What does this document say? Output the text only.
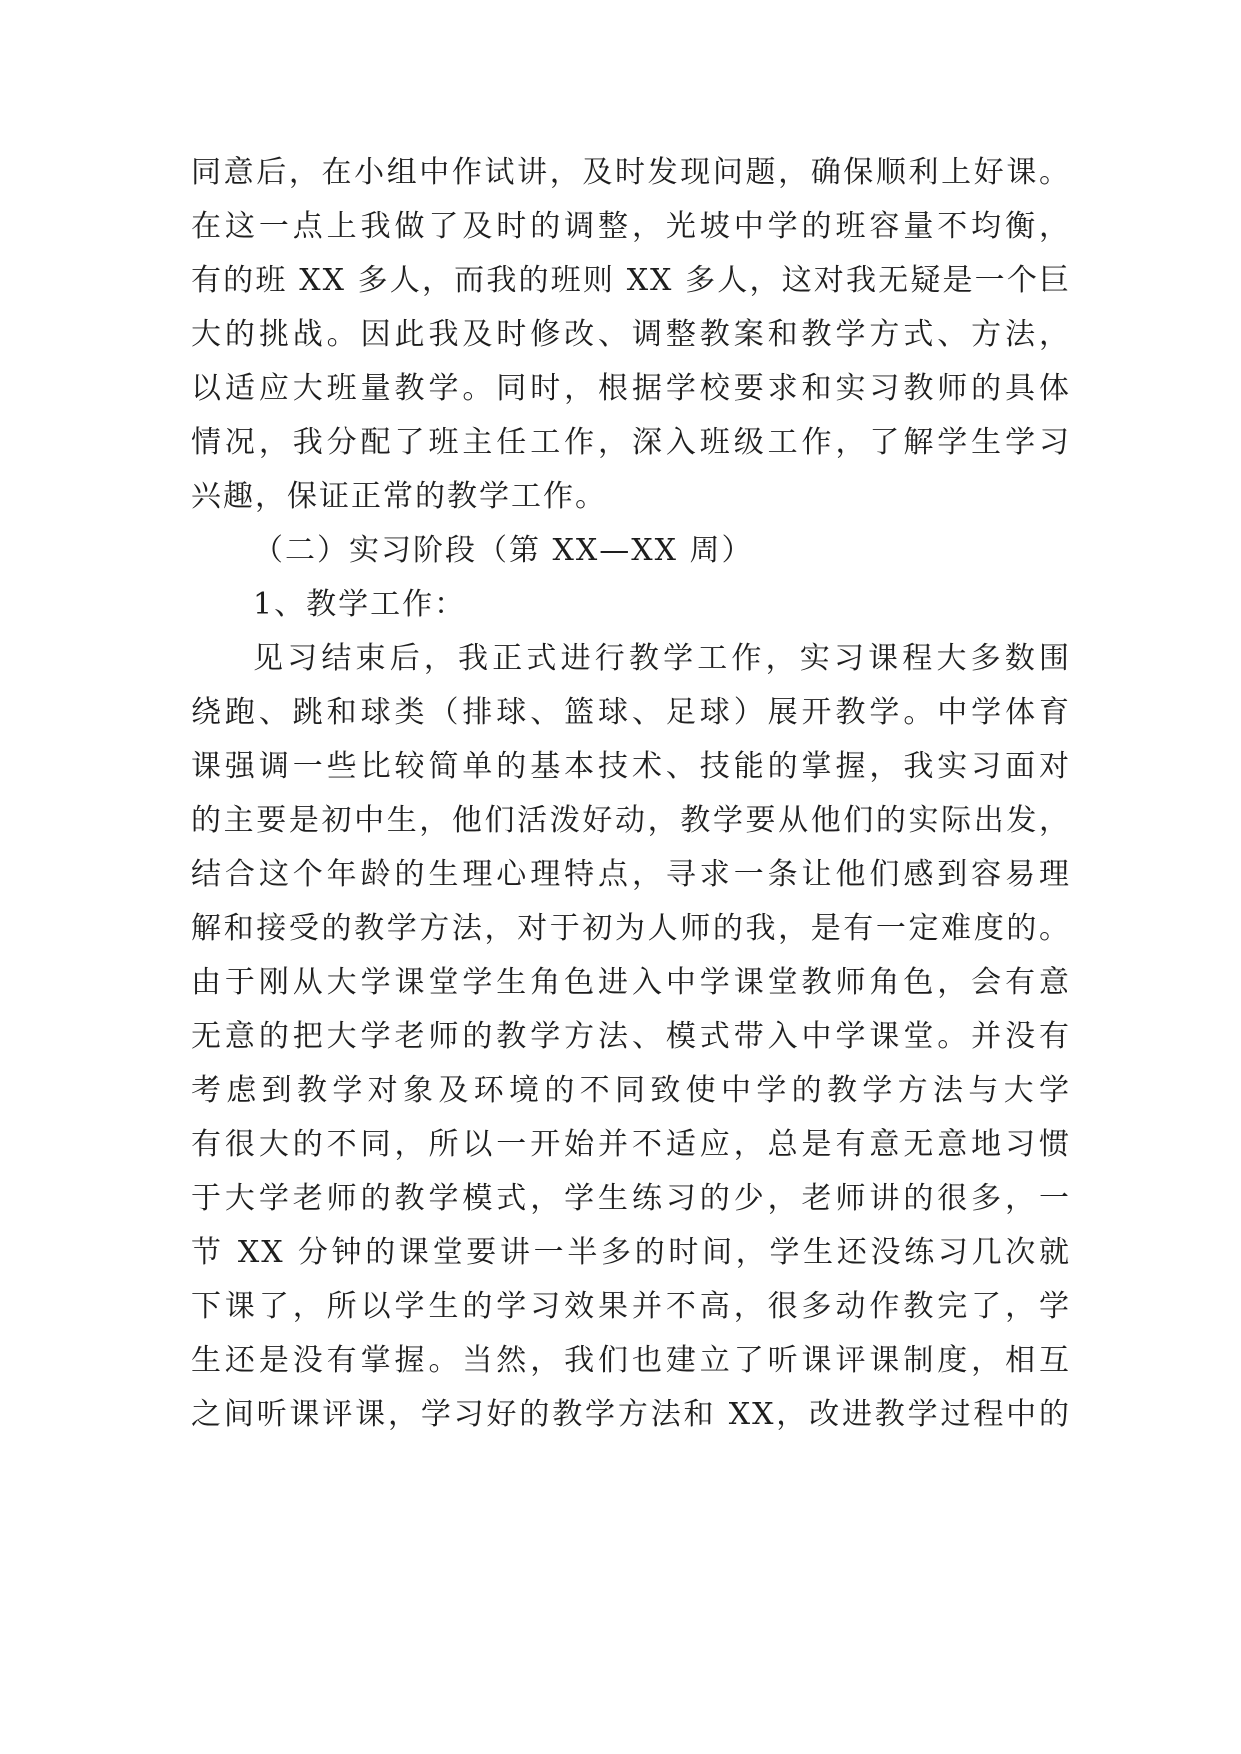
同意后，在小组中作试讲，及时发现问题，确保顺利上好课。
在这一点上我做了及时的调整，光坡中学的班容量不均衡，
有的班 XX 多人，而我的班则 XX 多人，这对我无疑是一个巨
大的挑战。因此我及时修改、调整教案和教学方式、方法，
以适应大班量教学。同时，根据学校要求和实习教师的具体
情况，我分配了班主任工作，深入班级工作，了解学生学习
兴趣，保证正常的教学工作。
（二）实习阶段（第 XX—XX 周）
1、教学工作：
见习结束后，我正式进行教学工作，实习课程大多数围
绕跑、跳和球类（排球、篮球、足球）展开教学。中学体育
课强调一些比较简单的基本技术、技能的掌握，我实习面对
的主要是初中生，他们活泼好动，教学要从他们的实际出发，
结合这个年龄的生理心理特点，寻求一条让他们感到容易理
解和接受的教学方法，对于初为人师的我，是有一定难度的。
由于刚从大学课堂学生角色进入中学课堂教师角色，会有意
无意的把大学老师的教学方法、模式带入中学课堂。并没有
考虑到教学对象及环境的不同致使中学的教学方法与大学
有很大的不同，所以一开始并不适应，总是有意无意地习惯
于大学老师的教学模式，学生练习的少，老师讲的很多，一
节 XX 分钟的课堂要讲一半多的时间，学生还没练习几次就
下课了，所以学生的学习效果并不高，很多动作教完了，学
生还是没有掌握。当然，我们也建立了听课评课制度，相互
之间听课评课，学习好的教学方法和 XX，改进教学过程中的
